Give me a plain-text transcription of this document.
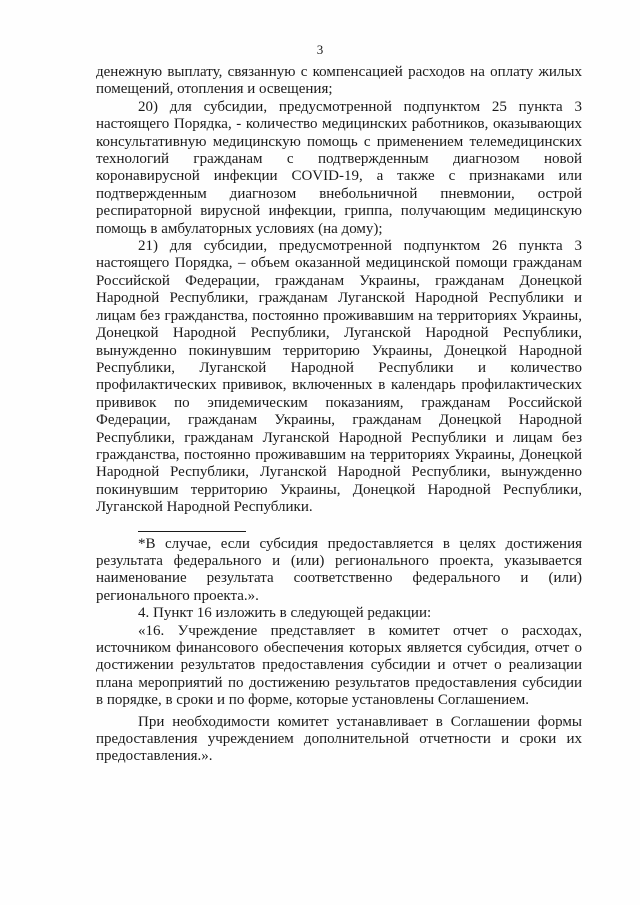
3

денежную выплату, связанную с компенсацией расходов на оплату жилых помещений, отопления и освещения;

20) для субсидии, предусмотренной подпунктом 25 пункта 3 настоящего Порядка, - количество медицинских работников, оказывающих консультативную медицинскую помощь с применением телемедицинских технологий гражданам с подтвержденным диагнозом новой коронавирусной инфекции COVID-19, а также с признаками или подтвержденным диагнозом внебольничной пневмонии, острой респираторной вирусной инфекции, гриппа, получающим медицинскую помощь в амбулаторных условиях (на дому);

21) для субсидии, предусмотренной подпунктом 26 пункта 3 настоящего Порядка, – объем оказанной медицинской помощи гражданам Российской Федерации, гражданам Украины, гражданам Донецкой Народной Республики, гражданам Луганской Народной Республики и лицам без гражданства, постоянно проживавшим на территориях Украины, Донецкой Народной Республики, Луганской Народной Республики, вынужденно покинувшим территорию Украины, Донецкой Народной Республики, Луганской Народной Республики и количество профилактических прививок, включенных в календарь профилактических прививок по эпидемическим показаниям, гражданам Российской Федерации, гражданам Украины, гражданам Донецкой Народной Республики, гражданам Луганской Народной Республики и лицам без гражданства, постоянно проживавшим на территориях Украины, Донецкой Народной Республики, Луганской Народной Республики, вынужденно покинувшим территорию Украины, Донецкой Народной Республики, Луганской Народной Республики.

*В случае, если субсидия предоставляется в целях достижения результата федерального и (или) регионального проекта, указывается наименование результата соответственно федерального и (или) регионального проекта.».

4. Пункт 16 изложить в следующей редакции:

«16. Учреждение представляет в комитет отчет о расходах, источником финансового обеспечения которых является субсидия, отчет о достижении результатов предоставления субсидии и отчет о реализации плана мероприятий по достижению результатов предоставления субсидии в порядке, в сроки и по форме, которые установлены Соглашением.

При необходимости комитет устанавливает в Соглашении формы предоставления учреждением дополнительной отчетности и сроки их предоставления.».
